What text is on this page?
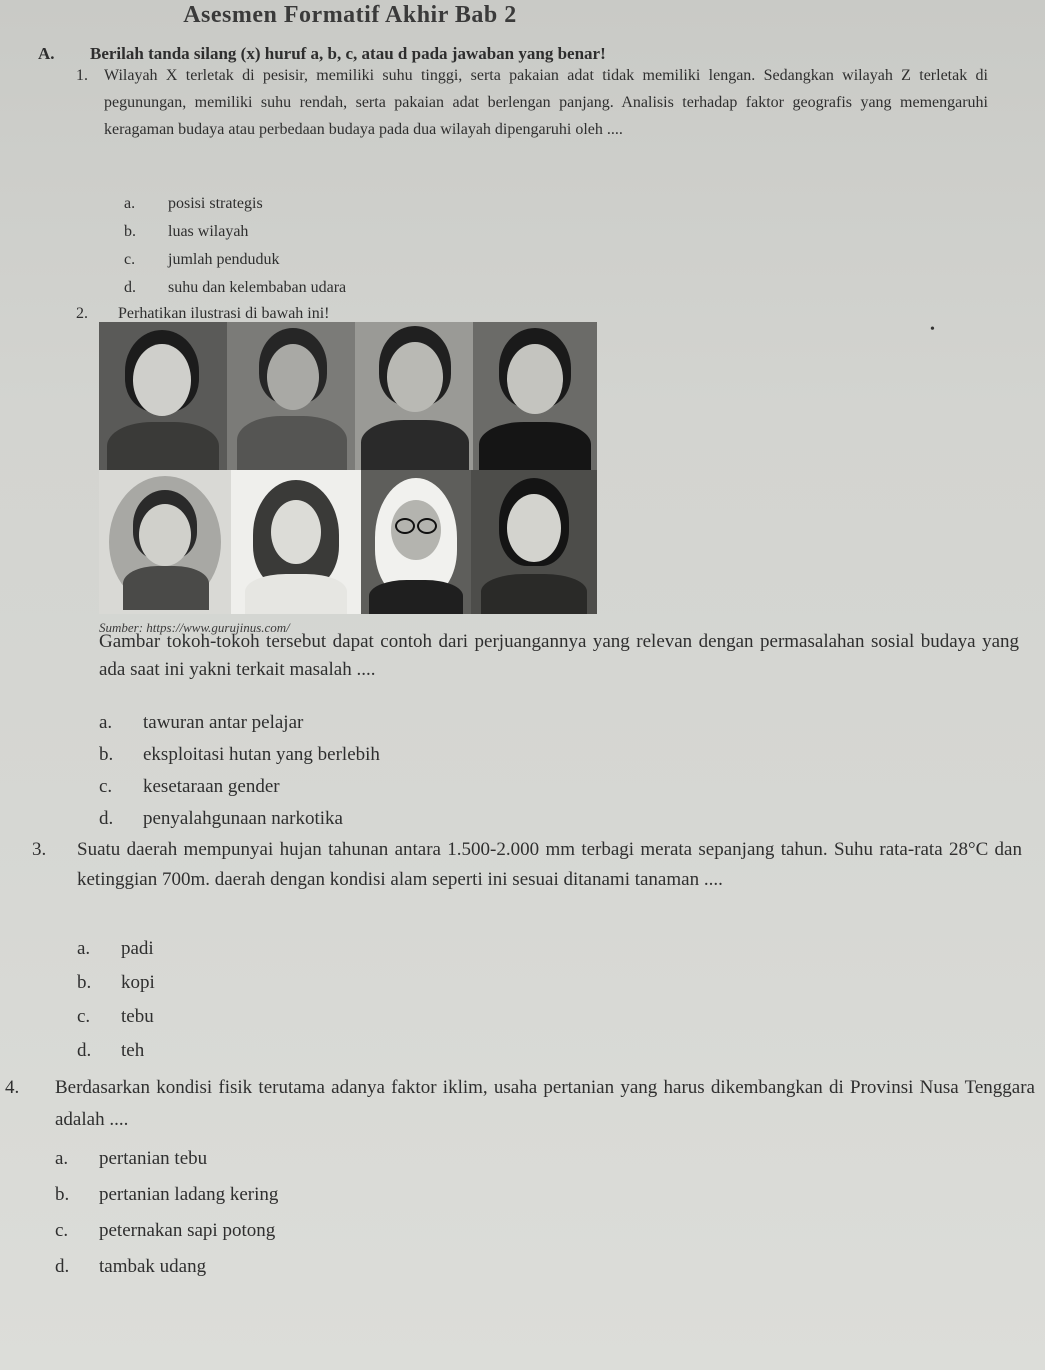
Asesmen Formatif Akhir Bab 2
A. Berilah tanda silang (x) huruf a, b, c, atau d pada jawaban yang benar!
1. Wilayah X terletak di pesisir, memiliki suhu tinggi, serta pakaian adat tidak memiliki lengan. Sedangkan wilayah Z terletak di pegunungan, memiliki suhu rendah, serta pakaian adat berlengan panjang. Analisis terhadap faktor geografis yang memengaruhi keragaman budaya atau perbedaan budaya pada dua wilayah dipengaruhi oleh ....
a. posisi strategis
b. luas wilayah
c. jumlah penduduk
d. suhu dan kelembaban udara
2. Perhatikan ilustrasi di bawah ini!
•
Sumber: https://www.gurujinus.com/
Gambar tokoh-tokoh tersebut dapat contoh dari perjuangannya yang relevan dengan permasalahan sosial budaya yang ada saat ini yakni terkait masalah ....
a. tawuran antar pelajar
b. eksploitasi hutan yang berlebih
c. kesetaraan gender
d. penyalahgunaan narkotika
3. Suatu daerah mempunyai hujan tahunan antara 1.500-2.000 mm terbagi merata sepanjang tahun. Suhu rata-rata 28°C dan ketinggian 700m. daerah dengan kondisi alam seperti ini sesuai ditanami tanaman ....
a. padi
b. kopi
c. tebu
d. teh
4. Berdasarkan kondisi fisik terutama adanya faktor iklim, usaha pertanian yang harus dikembangkan di Provinsi Nusa Tenggara adalah ....
a. pertanian tebu
b. pertanian ladang kering
c. peternakan sapi potong
d. tambak udang
